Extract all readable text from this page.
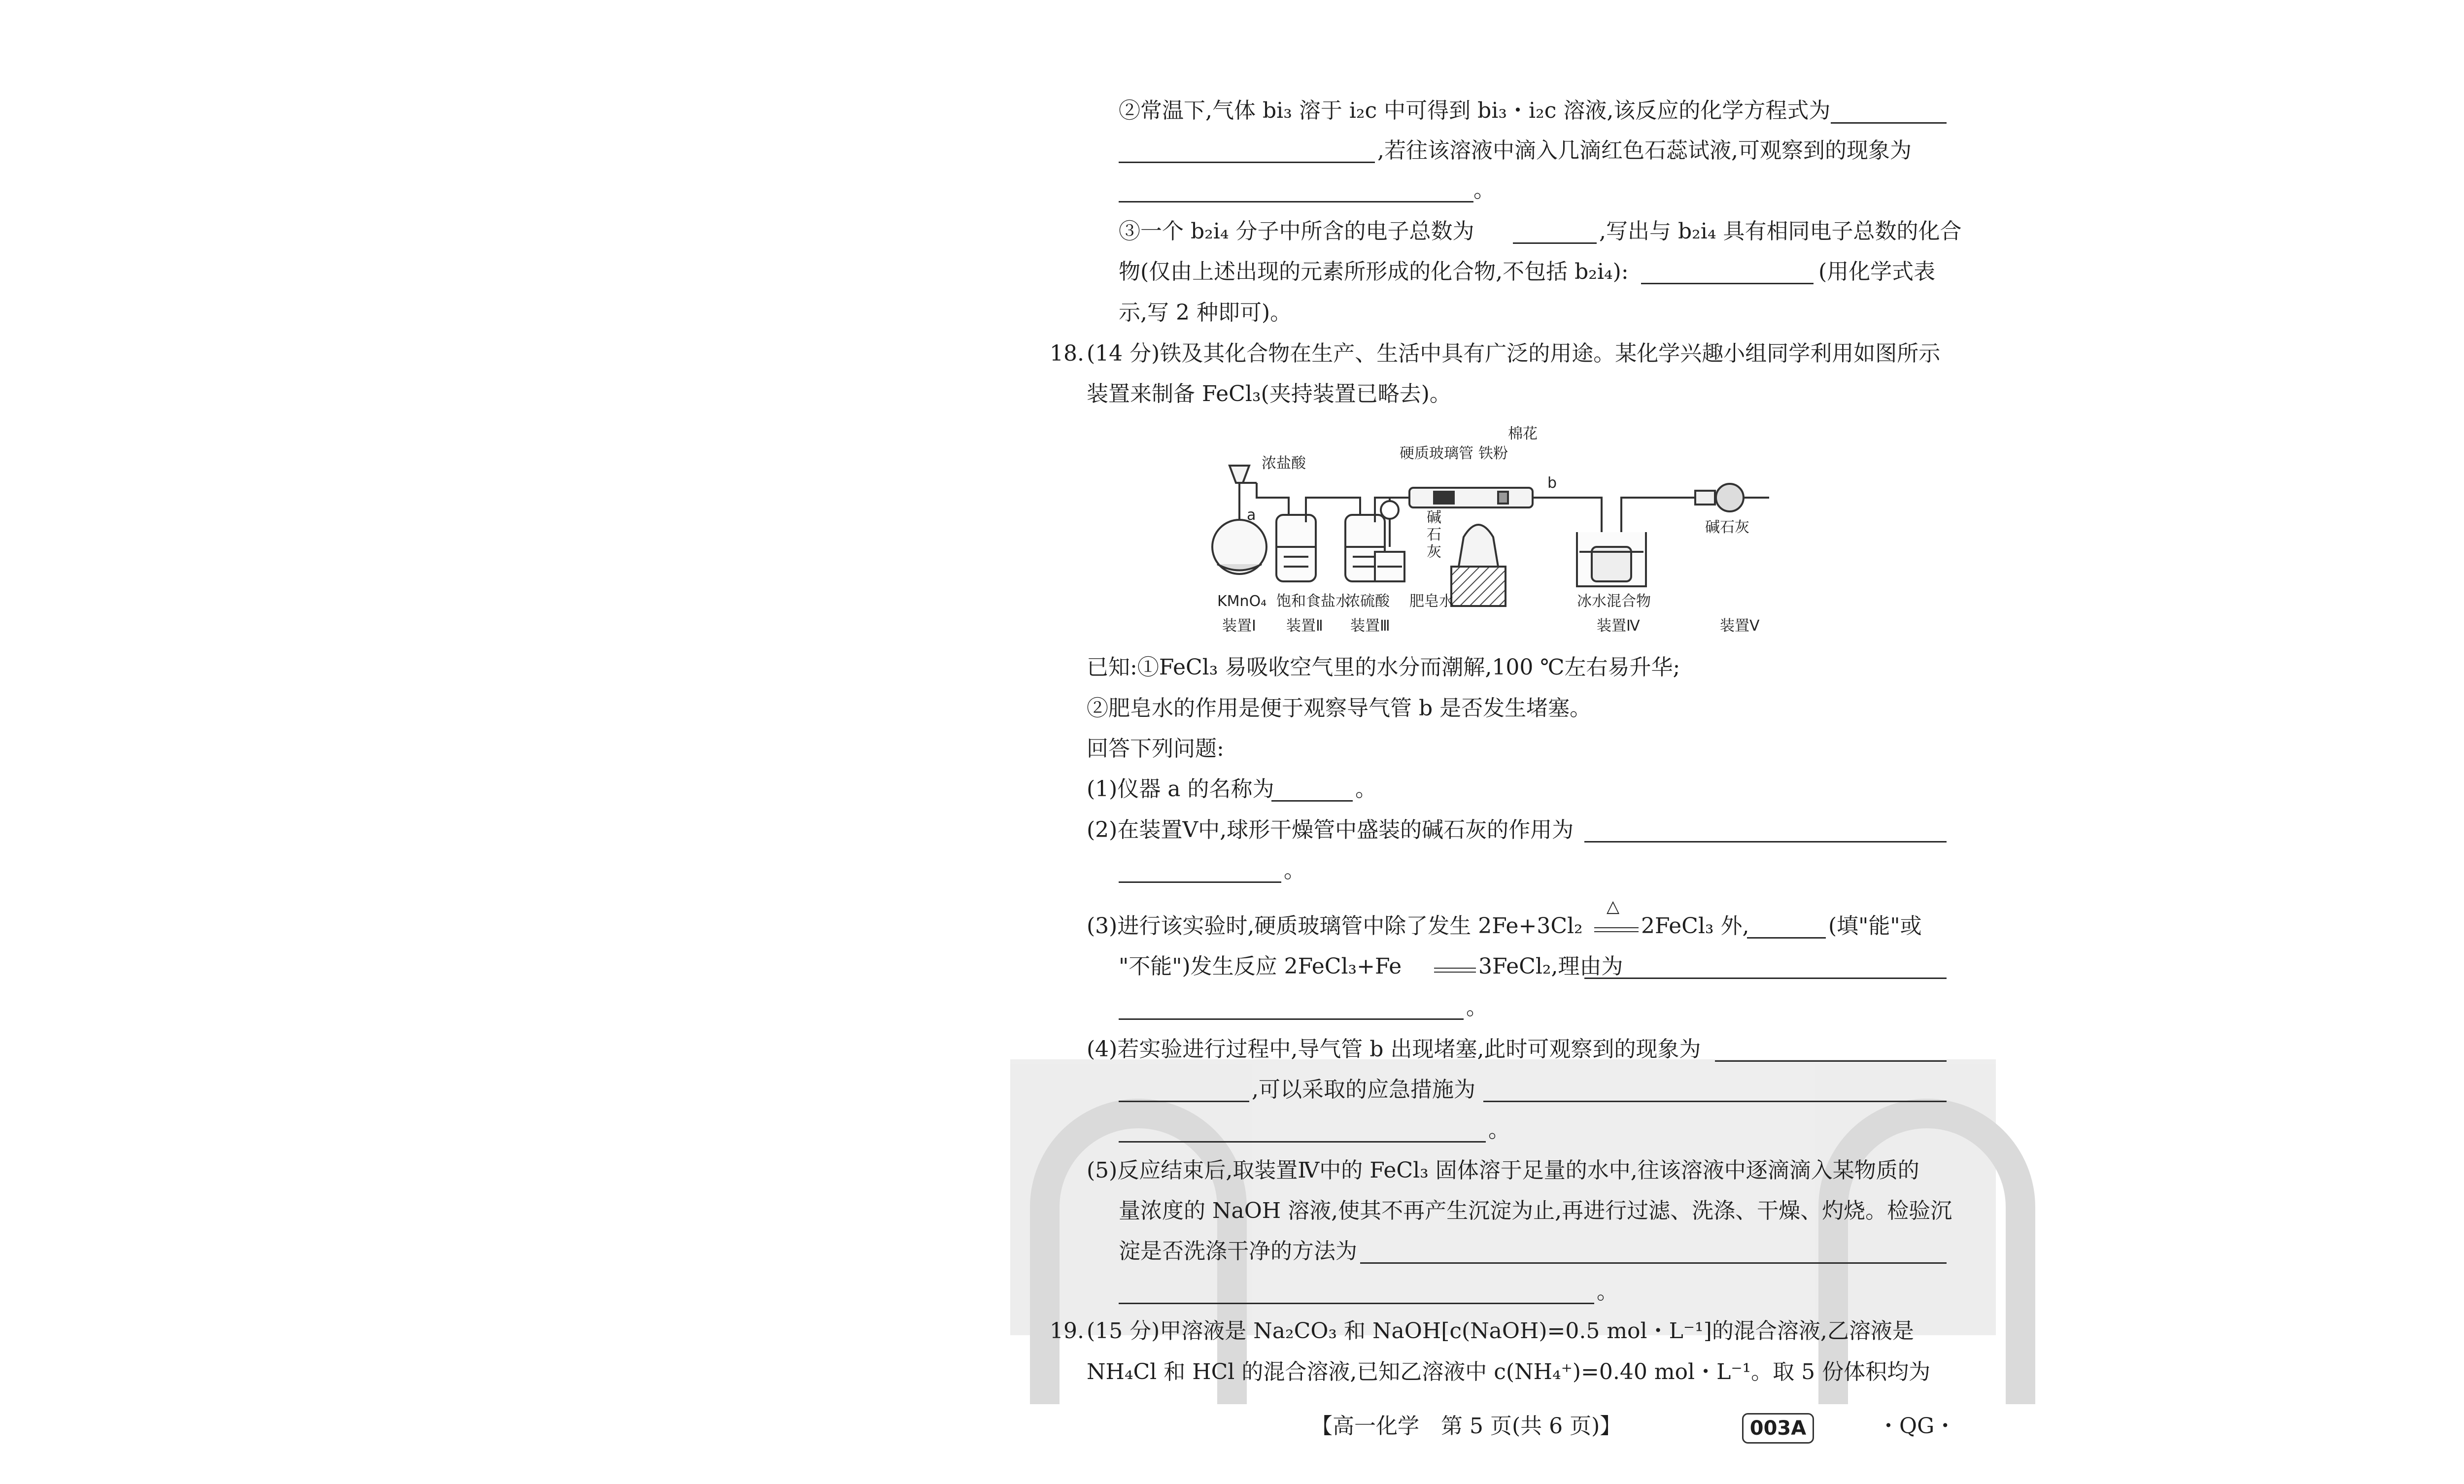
②常温下,气体 bi₃ 溶于 i₂c 中可得到 bi₃・i₂c 溶液,该反应的化学方程式为
,若往该溶液中滴入几滴红色石蕊试液,可观察到的现象为
。
③一个 b₂i₄ 分子中所含的电子总数为	,写出与 b₂i₄ 具有相同电子总数的化合
物(仅由上述出现的元素所形成的化合物,不包括 b₂i₄):	(用化学式表
示,写 2 种即可)。
18. (14 分)铁及其化合物在生产、生活中具有广泛的用途。某化学兴趣小组同学利用如图所示
装置来制备 FeCl₃(夹持装置已略去)。
浓盐酸
a
KMnO₄ 饱和食盐水
浓硫酸
硬质玻璃管 铁粉
棉花
b
碱
石
灰
肥皂水	冰水混合物
碱石灰
装置Ⅰ 装置Ⅱ 装置Ⅲ	装置Ⅳ	装置Ⅴ
已知:①FeCl₃ 易吸收空气里的水分而潮解,100 ℃左右易升华;
②肥皂水的作用是便于观察导气管 b 是否发生堵塞。
回答下列问题:
(1)仪器 a 的名称为	。
(2)在装置Ⅴ中,球形干燥管中盛装的碱石灰的作用为
。
(3)进行该实验时,硬质玻璃管中除了发生 2Fe+3Cl₂
△
2FeCl₃ 外,	(填"能"或
"不能")发生反应 2FeCl₃+Fe	3FeCl₂,理由为
。
(4)若实验进行过程中,导气管 b 出现堵塞,此时可观察到的现象为
,可以采取的应急措施为
。
(5)反应结束后,取装置Ⅳ中的 FeCl₃ 固体溶于足量的水中,往该溶液中逐滴滴入某物质的
量浓度的 NaOH 溶液,使其不再产生沉淀为止,再进行过滤、洗涤、干燥、灼烧。检验沉
淀是否洗涤干净的方法为
。
19. (15 分)甲溶液是 Na₂CO₃ 和 NaOH[c(NaOH)=0.5 mol・L⁻¹]的混合溶液,乙溶液是
NH₄Cl 和 HCl 的混合溶液,已知乙溶液中 c(NH₄⁺)=0.40 mol・L⁻¹。取 5 份体积均为
【高一化学　第 5 页(共 6 页)】	003A	・QG・
